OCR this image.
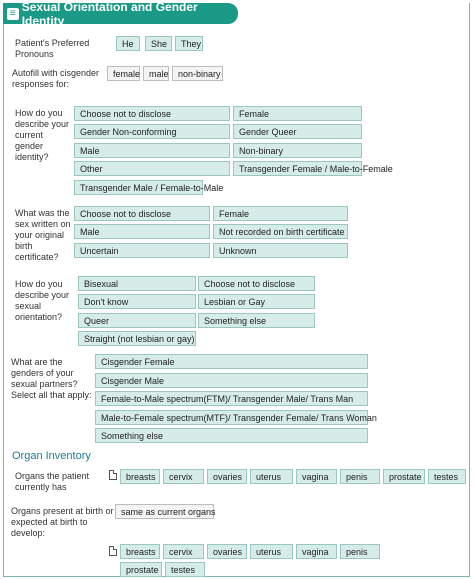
≡ Sexual Orientation and Gender Identity
Patient's Preferred Pronouns
He	She	They
Autofill with cisgender responses for:
female male	non-binary
How do you describe your current gender identity?
Choose not to disclose	Female
Gender Non-conforming	Gender Queer
Male	Non-binary
Other	Transgender Female / Male-to-Female
Transgender Male / Female-to-Male
What was the sex written on your original birth certificate?
Choose not to disclose	Female
Male	Not recorded on birth certificate
Uncertain	Unknown
How do you describe your sexual orientation?
Bisexual	Choose not to disclose
Don't know	Lesbian or Gay
Queer	Something else
Straight (not lesbian or gay)
What are the genders of your sexual partners? Select all that apply:
Cisgender Female
Cisgender Male
Female-to-Male spectrum(FTM)/ Transgender Male/ Trans Man
Male-to-Female spectrum(MTF)/ Transgender Female/ Trans Woman
Something else
Organ Inventory
Organs the patient currently has
breasts	cervix	ovaries	uterus	vagina	penis	prostate	testes
Organs present at birth or expected at birth to develop:
same as current organs
breasts	cervix	ovaries	uterus	vagina	penis
prostate	testes
